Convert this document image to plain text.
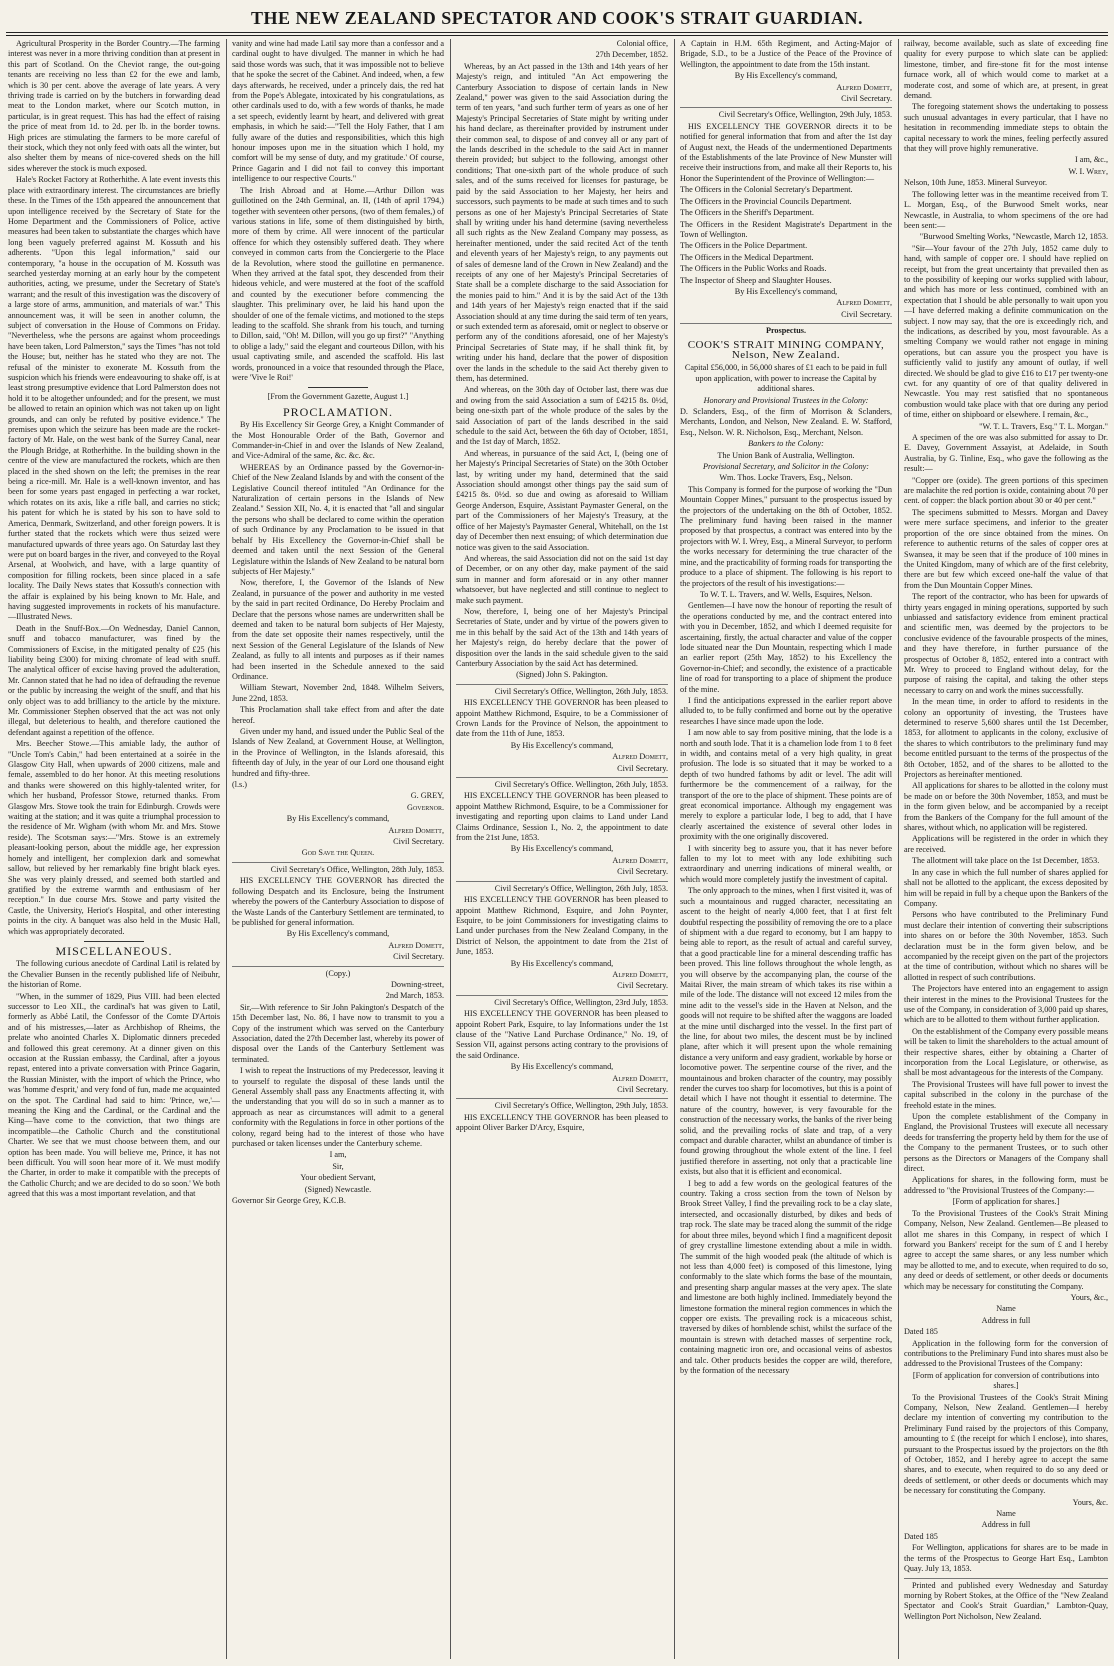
THE NEW ZEALAND SPECTATOR AND COOK'S STRAIT GUARDIAN.

Agricultural Prosperity in the Border Country.—The farming interest was never in a more thriving condition than at present in this part of Scotland. On the Cheviot range, the out-going tenants are receiving no less than £2 for the ewe and lamb, which is 30 per cent. above the average of late years. A very thriving trade is carried on by the butchers in forwarding dead meat to the London market, where our Scotch mutton, in particular, is in great request. This has had the effect of raising the price of meat from 1d. to 2d. per lb. in the border towns. High prices are stimulating the farmers to be more careful of their stock, which they not only feed with oats all the winter, but also shelter them by means of nice-covered sheds on the hill sides wherever the stock is much exposed.

Hale's Rocket Factory at Rotherhithe. A late event invests this place with extraordinary interest. The circumstances are briefly these. In the Times of the 15th appeared the announcement that upon intelligence received by the Secretary of State for the Home Department and the Commissioners of Police, active measures had been taken to substantiate the charges which have long been vaguely preferred against M. Kossuth and his adherents. "Upon this legal information," said our contemporary, "a house in the occupation of M. Kossuth was searched yesterday morning at an early hour by the competent authorities, acting, we presume, under the Secretary of State's warrant; and the result of this investigation was the discovery of a large store of arms, ammunition, and materials of war." This announcement was, it will be seen in another column, the subject of conversation in the House of Commons on Friday. "Nevertheless, whe the persons are against whom proceedings have been taken, Lord Palmerston," says the Times "has not told the House; but, neither has he stated who they are not. The refusal of the minister to exonerate M. Kossuth from the suspicion which his friends were endeavouring to shake off, is at least strong presumptive evidence that Lord Palmerston does not hold it to be altogether unfounded; and for the present, we must be allowed to retain an opinion which was not taken up on light grounds, and can only be refuted by positive evidence." The premises upon which the seizure has been made are the rocket-factory of Mr. Hale, on the west bank of the Surrey Canal, near the Plough Bridge, at Rotherhithe. In the building shown in the centre of the view are manufactured the rockets, which are then placed in the shed shown on the left; the premises in the rear being a rice-mill. Mr. Hale is a well-known inventor, and has been for some years past engaged in perfecting a war rocket, which rotates on its axis, like a rifle ball, and carries no stick; his patent for which he is stated by his son to have sold to America, Denmark, Switzerland, and other foreign powers. It is further stated that the rockets which were thus seized were manufactured upwards of three years ago. On Saturday last they were put on board barges in the river, and conveyed to the Royal Arsenal, at Woolwich, and have, with a large quantity of composition for filling rockets, been since placed in a safe locality. The Daily News states that Kossuth's connection with the affair is explained by his being known to Mr. Hale, and having suggested improvements in rockets of his manufacture.—Illustrated News.

Death in the Snuff-Box.—On Wednesday, Daniel Cannon, snuff and tobacco manufacturer, was fined by the Commissioners of Excise, in the mitigated penalty of £25 (his liability being £300) for mixing chromate of lead with snuff. The analytical officer of excise having proved the adulteration, Mr. Cannon stated that he had no idea of defrauding the revenue or the public by increasing the weight of the snuff, and that his only object was to add brilliancy to the article by the mixture. Mr. Commissioner Stephen observed that the act was not only illegal, but deleterious to health, and therefore cautioned the defendant against a repetition of the offence.

Mrs. Beecher Stowe.—This amiable lady, the author of "Uncle Tom's Cabin," had been entertained at a soirée in the Glasgow City Hall, when upwards of 2000 citizens, male and female, assembled to do her honor. At this meeting resolutions and thanks were showered on this highly-talented writer, for which her husband, Professor Stowe, returned thanks. From Glasgow Mrs. Stowe took the train for Edinburgh. Crowds were waiting at the station; and it was quite a triumphal procession to the residence of Mr. Wigham (with whom Mr. and Mrs. Stowe reside). The Scotsman says:—"Mrs. Stowe is an extremely pleasant-looking person, about the middle age, her expression homely and intelligent, her complexion dark and somewhat sallow, but relieved by her remarkably fine bright black eyes. She was very plainly dressed, and seemed both startled and gratified by the extreme warmth and enthusiasm of her reception." In due course Mrs. Stowe and party visited the Castle, the University, Heriot's Hospital, and other interesting points in the city. A banquet was also held in the Music Hall, which was appropriately decorated.

MISCELLANEOUS.

The following curious anecdote of Cardinal Latil is related by the Chevalier Bunsen in the recently published life of Neibuhr, the historian of Rome.

"When, in the summer of 1829, Pius VIII. had been elected successor to Leo XII., the cardinal's hat was given to Latil, formerly as Abbé Latil, the Confessor of the Comte D'Artois and of his mistresses,—later as Archbishop of Rheims, the prelate who anointed Charles X. Diplomatic dinners preceded and followed this great ceremony. At a dinner given on this occasion at the Russian embassy, the Cardinal, after a joyous repast, entered into a private conversation with Prince Gagarin, the Russian Minister, with the import of which the Prince, who was 'homme d'esprit,' and very fond of fun, made me acquainted on the spot. The Cardinal had said to him: 'Prince, we,'—meaning the King and the Cardinal, or the Cardinal and the King—'have come to the conviction, that two things are incompatible—the Catholic Church and the constitutional Charter. We see that we must choose between them, and our option has been made. You will believe me, Prince, it has not been difficult. You will soon hear more of it. We must modify the Charter, in order to make it compatible with the precepts of the Catholic Church; and we are decided to do so soon.' We both agreed that this was a most important revelation, and that

vanity and wine had made Latil say more than a confessor and a cardinal ought to have divulged. The manner in which he had said those words was such, that it was impossible not to believe that he spoke the secret of the Cabinet. And indeed, when, a few days afterwards, he received, under a princely dais, the red hat from the Pope's Ablegate, intoxicated by his congratulations, as other cardinals used to do, with a few words of thanks, he made a set speech, evidently learnt by heart, and delivered with great emphasis, in which he said:—"Tell the Holy Father, that I am fully aware of the duties and responsibilities, which this high honour imposes upon me in the situation which I hold, my comfort will be my sense of duty, and my gratitude.' Of course, Prince Gagarin and I did not fail to convey this important intelligence to our respective Courts."

The Irish Abroad and at Home.—Arthur Dillon was guillotined on the 24th Germinal, an. II, (14th of april 1794,) together with seventeen other persons, (two of them females,) of various stations in life, some of them distinguished by birth, more of them by crime. All were innocent of the particular offence for which they ostensibly suffered death. They where conveyed in common carts from the Conciergerie to the Place de la Revolution, where stood the guillotine en permanence. When they arrived at the fatal spot, they descended from their hideous vehicle, and were mustered at the foot of the scaffold and counted by the executioner before commencing the slaughter. This preliminary over, he laid his hand upon the shoulder of one of the female victims, and motioned to the steps leading to the scaffold. She shrank from his touch, and turning to Dillon, said, "Oh! M. Dillon, will you go up first?" "Anything to oblige a lady," said the elegant and courteous Dillon, with his usual captivating smile, and ascended the scaffold. His last words, pronounced in a voice that resounded through the Place, were 'Vive le Roi!'

[From the Government Gazette, August 1.]

PROCLAMATION.

By His Excellency Sir George Grey, a Knight Commander of the Most Honourable Order of the Bath, Governor and Commander-in-Chief in and over the Islands of New Zealand, and Vice-Admiral of the same, &c. &c. &c.

WHEREAS by an Ordinance passed by the Governor-in-Chief of the New Zealand Islands by and with the consent of the Legislative Council thereof intituled "An Ordinance for the Naturalization of certain persons in the Islands of New Zealand." Session XII, No. 4, it is enacted that "all and singular the persons who shall be declared to come within the operation of such Ordinance by any Proclamation to be issued in that behalf by His Excellency the Governor-in-Chief shall be deemed and taken until the next Session of the General Legislature within the Islands of New Zealand to be natural born subjects of Her Majesty."

Now, therefore, I, the Governor of the Islands of New Zealand, in pursuance of the power and authority in me vested by the said in part recited Ordinance, Do Hereby Proclaim and Declare that the persons whose names are underwritten shall be deemed and taken to be natural born subjects of Her Majesty, from the date set opposite their names respectively, until the next Session of the General Legislature of the Islands of New Zealand, as fully to all intents and purposes as if their names had been inserted in the Schedule annexed to the said Ordinance.

William Stewart, November 2nd, 1848. Wilhelm Seivers, June 22nd, 1853.

This Proclamation shall take effect from and after the date hereof.

Given under my hand, and issued under the Public Seal of the Islands of New Zealand, at Government House, at Wellington, in the Province of Wellington, in the Islands aforesaid, this fifteenth day of July, in the year of our Lord one thousand eight hundred and fifty-three.

(l.s.)

G. GREY,

Governor.

By His Excellency's command,

Alfred Domett,

Civil Secretary.

God Save the Queen.

Civil Secretary's Office, Wellington, 28th July, 1853.

HIS EXCELLENCY THE GOVERNOR has directed the following Despatch and its Enclosure, being the Instrument whereby the powers of the Canterbury Association to dispose of the Waste Lands of the Canterbury Settlement are terminated, to be published for general information.

By His Excellency's command,

Alfred Domett,

Civil Secretary.

(Copy.)

Downing-street,

2nd March, 1853.

Sir,—With reference to Sir John Pakington's Despatch of the 15th December last, No. 86, I have now to transmit to you a Copy of the instrument which was served on the Canterbury Association, dated the 27th December last, whereby its power of disposal over the Lands of the Canterbury Settlement was terminated.

I wish to repeat the Instructions of my Predecessor, leaving it to yourself to regulate the disposal of these lands until the General Assembly shall pass any Enactments affecting it, with the understanding that you will do so in such a manner as to approach as near as circumstances will admit to a general conformity with the Regulations in force in other portions of the colony, regard being had to the interest of those who have purchased or taken licenses under the Canterbury scheme.

I am,

Sir,

Your obedient Servant,

(Signed) Newcastle.

Governor Sir George Grey, K.C.B.

Colonial office,

27th December, 1852.

Whereas, by an Act passed in the 13th and 14th years of her Majesty's reign, and intituled "An Act empowering the Canterbury Association to dispose of certain lands in New Zealand," power was given to the said Association during the term of ten years, "and such further term of years as one of her Majesty's Principal Secretaries of State might by writing under his hand declare, as thereinafter provided by instrument under their common seal, to dispose of and convey all or any part of the lands described in the schedule to the said Act in manner therein provided; but subject to the following, amongst other conditions; That one-sixth part of the whole produce of such sales, and of the sums received for licenses for pasturage, be paid by the said Association to her Majesty, her heirs and successors, such payments to be made at such times and to such persons as one of her Majesty's Principal Secretaries of State shall by writing under his hand determine (saving nevertheless all such rights as the New Zealand Company may possess, as hereinafter mentioned, under the said recited Act of the tenth and eleventh years of her Majesty's reign, to any payments out of sales of demesne land of the Crown in New Zealand) and the receipts of any one of her Majesty's Principal Secretaries of State shall be a complete discharge to the said Association for the monies paid to him." And it is by the said Act of the 13th and 14th years of her Majesty's reign enacted that if the said Association should at any time during the said term of ten years, or such extended term as aforesaid, omit or neglect to observe or perform any of the conditions aforesaid, one of her Majesty's Principal Secretaries of State may, if he shall think fit, by writing under his hand, declare that the power of disposition over the lands in the schedule to the said Act thereby given to them, has determined.

And whereas, on the 30th day of October last, there was due and owing from the said Association a sum of £4215 8s. 0½d, being one-sixth part of the whole produce of the sales by the said Association of part of the lands described in the said schedule to the said Act, between the 6th day of October, 1851, and the 1st day of March, 1852.

And whereas, in pursuance of the said Act, I, (being one of her Majesty's Principal Secretaries of State) on the 30th October last, by writing under my hand, determined that the said Association should amongst other things pay the said sum of £4215 8s. 0½d. so due and owing as aforesaid to William George Anderson, Esquire, Assistant Paymaster General, on the part of the Commissioners of her Majesty's Treasury, at the office of her Majesty's Paymaster General, Whitehall, on the 1st day of December then next ensuing; of which determination due notice was given to the said Association.

And whereas, the said Association did not on the said 1st day of December, or on any other day, make payment of the said sum in manner and form aforesaid or in any other manner whatsoever, but have neglected and still continue to neglect to make such payment.

Now, therefore, I, being one of her Majesty's Principal Secretaries of State, under and by virtue of the powers given to me in this behalf by the said Act of the 13th and 14th years of her Majesty's reign, do hereby declare that the power of disposition over the lands in the said schedule given to the said Canterbury Association by the said Act has determined.

(Signed) John S. Pakington.

Civil Secretary's Office, Wellington, 26th July, 1853.

HIS EXCELLENCY THE GOVERNOR has been pleased to appoint Matthew Richmond, Esquire, to be a Commissioner of Crown Lands for the Province of Nelson, the appointment to date from the 11th of June, 1853.

By His Excellency's command,

Alfred Domett,

Civil Secretary.

Civil Secretary's Office. Wellington, 26th July, 1853.

HIS EXCELLENCY THE GOVERNOR has been pleased to appoint Matthew Richmond, Esquire, to be a Commissioner for investigating and reporting upon claims to Land under Land Claims Ordinance, Session I., No. 2, the appointment to date from the 21st June, 1853.

By His Excellency's command,

Alfred Domett,

Civil Secretary.

Civil Secretary's Office, Wellington, 26th July, 1853.

HIS EXCELLENCY THE GOVERNOR has been pleased to appoint Matthew Richmond, Esquire, and John Poynter, Esquire, to be joint Commissioners for investigating claims to Land under purchases from the New Zealand Company, in the District of Nelson, the appointment to date from the 21st of June, 1853.

By His Excellency's command,

Alfred Domett,

Civil Secretary.

Civil Secretary's Office, Wellington, 23rd July, 1853.

HIS EXCELLENCY THE GOVERNOR has been pleased to appoint Robert Park, Esquire, to lay Informations under the 1st clause of the "Native Land Purchase Ordinance," No. 19, of Session VII, against persons acting contrary to the provisions of the said Ordinance.

By His Excellency's command,

Alfred Domett,

Civil Secretary.

Civil Secretary's Office, Wellington, 29th July, 1853.

HIS EXCELLENCY THE GOVERNOR has been pleased to appoint Oliver Barker D'Arcy, Esquire,

A Captain in H.M. 65th Regiment, and Acting-Major of Brigade, S.D., to be a Justice of the Peace of the Province of Wellington, the appointment to date from the 15th instant.

By His Excellency's command,

Alfred Domett,

Civil Secretary.

Civil Secretary's Office, Wellington, 29th July, 1853.

HIS EXCELLENCY THE GOVERNOR directs it to be notified for general information that from and after the 1st day of August next, the Heads of the undermentioned Departments of the Establishments of the late Province of New Munster will receive their instructions from, and make all their Reports to, his Honor the Superintendent of the Province of Wellington:—

The Officers in the Colonial Secretary's Department.

The Officers in the Provincial Councils Department.

The Officers in the Sheriff's Department.

The Officers in the Resident Magistrate's Department in the Town of Wellington.

The Officers in the Police Department.

The Officers in the Medical Department.

The Officers in the Public Works and Roads.

The Inspector of Sheep and Slaughter Houses.

By His Excellency's command,

Alfred Domett,

Civil Secretary.

Prospectus.

COOK'S STRAIT MINING COMPANY, Nelson, New Zealand.

Capital £56,000, in 56,000 shares of £1 each to be paid in full upon application, with power to increase the Capital by additional shares.

Honorary and Provisional Trustees in the Colony:

D. Sclanders, Esq., of the firm of Morrison & Sclanders, Merchants, London, and Nelson, New Zealand. E. W. Stafford, Esq., Nelson. W. R. Nicholson, Esq., Merchant, Nelson.

Bankers to the Colony:

The Union Bank of Australia, Wellington.

Provisional Secretary, and Solicitor in the Colony:

Wm. Thos. Locke Travers, Esq., Nelson.

This Company is formed for the purpose of working the "Dun Mountain Copper Mines," pursuant to the prospectus issued by the projectors of the undertaking on the 8th of October, 1852. The preliminary fund having been raised in the manner proposed by that prospectus, a contract was entered into by the projectors with W. I. Wrey, Esq., a Mineral Surveyor, to perform the works necessary for determining the true character of the mine, and the practicability of forming roads for transporting the produce to a place of shipment. The following is his report to the projectors of the result of his investigations:—

To W. T. L. Travers, and W. Wells, Esquires, Nelson.

Gentlemen—I have now the honour of reporting the result of the operations conducted by me, and the contract entered into with you in December, 1852, and which I deemed requisite for ascertaining, firstly, the actual character and value of the copper lode situated near the Dun Mountain, respecting which I made an earlier report (25th May, 1852) to his Excellency the Governor-in-Chief; and secondly, the existence of a practicable line of road for transporting to a place of shipment the produce of the mine.

I find the anticipations expressed in the earlier report above alluded to, to be fully confirmed and borne out by the operative researches I have since made upon the lode.

I am now able to say from positive mining, that the lode is a north and south lode. That it is a chamelion lode from 1 to 8 feet in width, and contains metal of a very high quality, in great profusion. The lode is so situated that it may be worked to a depth of two hundred fathoms by adit or level. The adit will furthermore be the commencement of a railway, for the transport of the ore to the place of shipment. These points are of great economical importance. Although my engagement was merely to explore a particular lode, I beg to add, that I have clearly ascertained the existence of several other lodes in proximity with the one originally discovered.

I with sincerity beg to assure you, that it has never before fallen to my lot to meet with any lode exhibiting such extraordinary and unerring indications of mineral wealth, or which would more completely justify the investment of capital.

The only approach to the mines, when I first visited it, was of such a mountainous and rugged character, necessitating an ascent to the height of nearly 4,000 feet, that I at first felt doubtful respecting the possibility of removing the ore to a place of shipment with a due regard to economy, but I am happy to being able to report, as the result of actual and careful survey, that a good practicable line for a mineral descending traffic has been proved. This line follows throughout the whole length, as you will observe by the accompanying plan, the course of the Maitai River, the main stream of which takes its rise within a mile of the lode. The distance will not exceed 12 miles from the mine adit to the vessel's side in the Haven at Nelson, and the goods will not require to be shifted after the waggons are loaded at the mine until discharged into the vessel. In the first part of the line, for about two miles, the descent must be by inclined plane, after which it will present upon the whole remaining distance a very uniform and easy gradient, workable by horse or locomotive power. The serpentine course of the river, and the mountainous and broken character of the country, may possibly render the curves too sharp for locomotives, but this is a point of detail which I have not thought it essential to determine. The nature of the country, however, is very favourable for the construction of the necessary works, the banks of the river being solid, and the prevailing rocks of slate and trap, of a very compact and durable character, whilst an abundance of timber is found growing throughout the whole extent of the line. I feel justified therefore in asserting, not only that a practicable line exists, but also that it is efficient and economical.

I beg to add a few words on the geological features of the country. Taking a cross section from the town of Nelson by Brook Street Valley, I find the prevailing rock to be a clay slate, intersected, and occasionally disturbed, by dikes and beds of trap rock. The slate may be traced along the summit of the ridge for about three miles, beyond which I find a magnificent deposit of grey crystalline limestone extending about a mile in width. The summit of the high wooded peak (the altitude of which is not less than 4,000 feet) is composed of this limestone, lying conformably to the slate which forms the base of the mountain, and presenting sharp angular masses at the very apex. The slate and limestone are both highly inclined. Immediately beyond the limestone formation the mineral region commences in which the copper ore exists. The prevailing rock is a micaceous schist, traversed by dikes of hornblende schist, whilst the surface of the mountain is strewn with detached masses of serpentine rock, containing magnetic iron ore, and occasional veins of asbestos and talc. Other products besides the copper are wild, therefore, by the formation of the necessary

railway, become available, such as slate of exceeding fine quality for every purpose to which slate can be applied: limestone, timber, and fire-stone fit for the most intense furnace work, all of which would come to market at a moderate cost, and some of which are, at present, in great demand.

The foregoing statement shows the undertaking to possess such unusual advantages in every particular, that I have no hesitation in recommending immediate steps to obtain the capital necessary to work the mines, feeling perfectly assured that they will prove highly remunerative.

I am, &c.,

W. I. Wrey,

Nelson, 10th June, 1853. Mineral Surveyor.

The following letter was in the meantime received from T. L. Morgan, Esq., of the Burwood Smelt works, near Newcastle, in Australia, to whom specimens of the ore had been sent:—

"Burwood Smelting Works, "Newcastle, March 12, 1853.

"Sir—Your favour of the 27th July, 1852 came duly to hand, with sample of copper ore. I should have replied on receipt, but from the great uncertainty that prevailed then as to the possibility of keeping our works supplied with labour, and which has more or less continued, combined with an expectation that I should be able personally to wait upon you—I have deferred making a definite communication on the subject. I now may say, that the ore is exceedingly rich, and the indications, as described by you, most favourable. As a smelting Company we would rather not engage in mining operations, but can assure you the prospect you have is sufficiently valid to justify any amount of outlay, if well directed. We should be glad to give £16 to £17 per twenty-one cwt. for any quantity of ore of that quality delivered in Newcastle. You may rest satisfied that no spontaneous combustion would take place with that ore during any period of time, either on shipboard or elsewhere. I remain, &c.,

"W. T. L. Travers, Esq." T. L. Morgan."

A specimen of the ore was also submitted for assay to Dr. E. Davey, Government Assayist, at Adelaide, in South Australia, by G. Tinline, Esq., who gave the following as the result:—

"Copper ore (oxide). The green portions of this specimen are malachite the red portion is oxide, containing about 70 per cent. of copper: the black portion about 30 or 40 per cent."

The specimens submitted to Messrs. Morgan and Davey were mere surface specimens, and inferior to the greater proportion of the ore since obtained from the mines. On reference to authentic returns of the sales of copper ores at Swansea, it may be seen that if the produce of 100 mines in the United Kingdom, many of which are of the first celebrity, there are but few which exceed one-half the value of that from the Dun Mountain Copper Mines.

The report of the contractor, who has been for upwards of thirty years engaged in mining operations, supported by such unbiassed and satisfactory evidence from eminent practical and scientific men, was deemed by the projectors to be conclusive evidence of the favourable prospects of the mines, and they have therefore, in further pursuance of the prospectus of October 8, 1852, entered into a contract with Mr. Wrey to proceed to England without delay, for the purpose of raising the capital, and taking the other steps necessary to carry on and work the mines successfully.

In the mean time, in order to afford to residents in the colony an opportunity of investing, the Trustees have determined to reserve 5,600 shares until the 1st December, 1853, for allotment to applicants in the colony, exclusive of the shares to which contributors to the preliminary fund may become entitled pursuant to the terms of the prospectus of the 8th October, 1852, and of the shares to be allotted to the Projectors as hereinafter mentioned.

All applications for shares to be allotted in the colony must be made on or before the 30th November, 1853, and must be in the form given below, and be accompanied by a receipt from the Bankers of the Company for the full amount of the shares, without which, no application will be registered.

Applications will be registered in the order in which they are received.

The allotment will take place on the 1st December, 1853.

In any case in which the full number of shares applied for shall not be allotted to the applicant, the excess deposited by him will be repaid in full by a cheque upon the Bankers of the Company.

Persons who have contributed to the Preliminary Fund must declare their intention of converting their subscriptions into shares on or before the 30th November, 1853. Such declaration must be in the form given below, and be accompanied by the receipt given on the part of the projectors at the time of contribution, without which no shares will be allotted in respect of such contributions.

The Projectors have entered into an engagement to assign their interest in the mines to the Provisional Trustees for the use of the Company, in consideration of 3,000 paid up shares, which are to be allotted to them without further application.

On the establishment of the Company every possible means will be taken to limit the shareholders to the actual amount of their respective shares, either by obtaining a Charter of incorporation from the Local Legislature, or otherwise, as shall be most advantageous for the interests of the Company.

The Provisional Trustees will have full power to invest the capital subscribed in the colony in the purchase of the freehold estate in the mines.

Upon the complete establishment of the Company in England, the Provisional Trustees will execute all necessary deeds for transferring the property held by them for the use of the Company to the permanent Trustees, or to such other persons as the Directors or Managers of the Company shall direct.

Applications for shares, in the following form, must be addressed to "the Provisional Trustees of the Company:—

[Form of application for shares.]

To the Provisional Trustees of the Cook's Strait Mining Company, Nelson, New Zealand. Gentlemen—Be pleased to allot me shares in this Company, in respect of which I forward you Bankers' receipt for the sum of £ and I hereby agree to accept the same shares, or any less number which may be allotted to me, and to execute, when required to do so, any deed or deeds of settlement, or other deeds or documents which may be necessary for constituting the Company.

Yours, &c.,

Name

Address in full

Dated 185

Application in the following form for the conversion of contributions to the Preliminary Fund into shares must also be addressed to the Provisional Trustees of the Company:

[Form of application for conversion of contributions into shares.]

To the Provisional Trustees of the Cook's Strait Mining Company, Nelson, New Zealand. Gentlemen—I hereby declare my intention of converting my contribution to the Preliminary Fund raised by the projectors of this Company, amounting to £ (the receipt for which I enclose), into shares, pursuant to the Prospectus issued by the projectors on the 8th of October, 1852, and I hereby agree to accept the same shares, and to execute, when required to do so any deed or deeds of settlement, or other deeds or documents which may be necessary for constituting the Company.

Yours, &c.

Name

Address in full

Dated 185

For Wellington, applications for shares are to be made in the terms of the Prospectus to George Hart Esq., Lambton Quay. July 13, 1853.

Printed and published every Wednesday and Saturday morning by Robert Stokes, at the Office of the "New Zealand Spectator and Cook's Strait Guardian," Lambton-Quay, Wellington Port Nicholson, New Zealand.
